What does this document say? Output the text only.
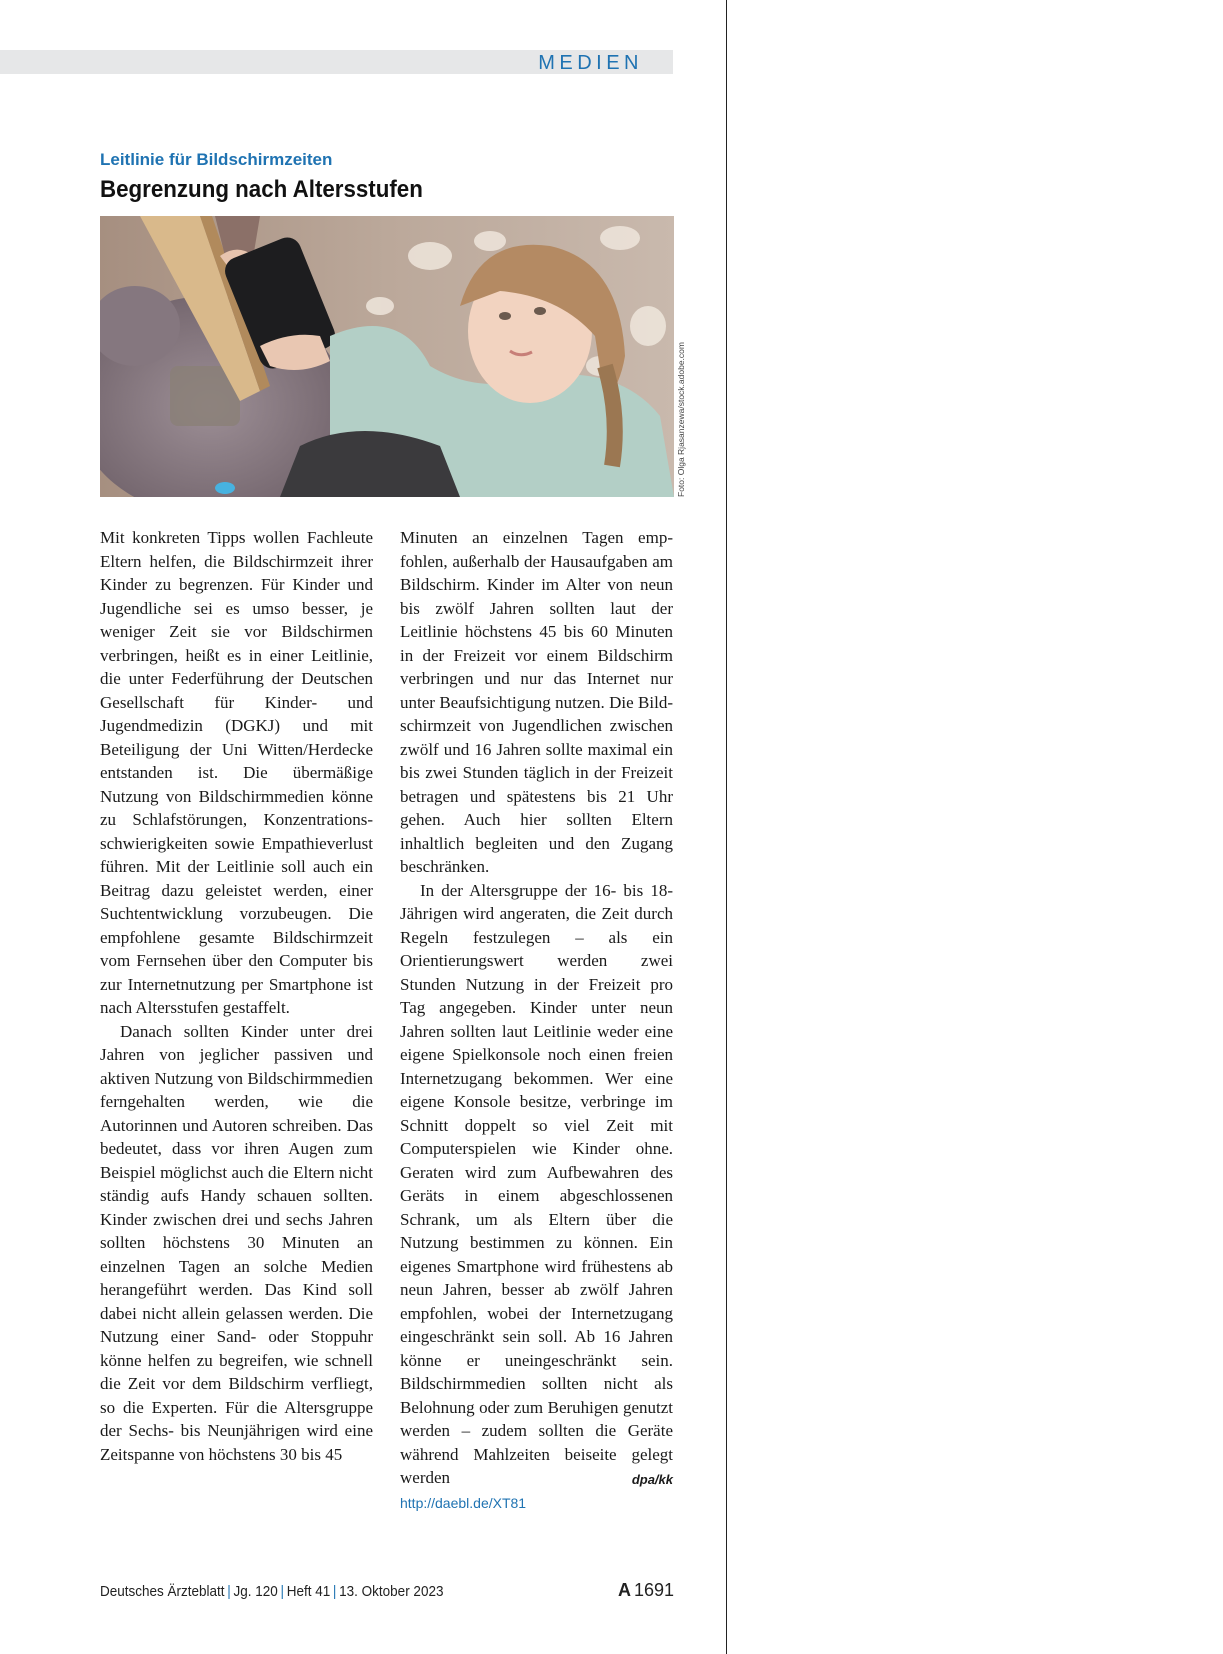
MEDIEN
Leitlinie für Bildschirmzeiten
Begrenzung nach Altersstufen
Foto: Olga Rjasanzewa/stock.adobe.com

Mit konkreten Tipps wollen Fachleute Eltern helfen, die Bildschirmzeit ihrer Kinder zu begrenzen. Für Kinder und Jugendliche sei es umso besser, je weniger Zeit sie vor Bildschirmen verbringen, heißt es in einer Leitlinie, die unter Federführung der Deutschen Gesellschaft für Kinder- und Jugendmedizin (DGKJ) und mit Beteiligung der Uni Witten/Herdecke entstanden ist. Die übermäßige Nutzung von Bildschirmmedien könne zu Schlafstörungen, Konzentrationsschwierigkeiten sowie Empathieverlust führen. Mit der Leitlinie soll auch ein Beitrag dazu geleistet werden, einer Suchtentwicklung vorzubeugen. Die empfohlene gesamte Bildschirmzeit vom Fernsehen über den Computer bis zur Internetnutzung per Smartphone ist nach Altersstufen gestaffelt.

Danach sollten Kinder unter drei Jahren von jeglicher passiven und aktiven Nutzung von Bildschirmmedien ferngehalten werden, wie die Autorinnen und Autoren schreiben. Das bedeutet, dass vor ihren Augen zum Beispiel möglichst auch die Eltern nicht ständig aufs Handy schauen sollten. Kinder zwischen drei und sechs Jahren sollten höchstens 30 Minuten an einzelnen Tagen an solche Medien herangeführt werden. Das Kind soll dabei nicht allein gelassen werden. Die Nutzung einer Sand- oder Stoppuhr könne helfen zu begreifen, wie schnell die Zeit vor dem Bildschirm verfliegt, so die Experten. Für die Altersgruppe der Sechs- bis Neunjährigen wird eine Zeitspanne von höchstens 30 bis 45

Minuten an einzelnen Tagen empfohlen, außerhalb der Hausaufgaben am Bildschirm. Kinder im Alter von neun bis zwölf Jahren sollten laut der Leitlinie höchstens 45 bis 60 Minuten in der Freizeit vor einem Bildschirm verbringen und nur das Internet nur unter Beaufsichtigung nutzen. Die Bildschirmzeit von Jugendlichen zwischen zwölf und 16 Jahren sollte maximal ein bis zwei Stunden täglich in der Freizeit betragen und spätestens bis 21 Uhr gehen. Auch hier sollten Eltern inhaltlich begleiten und den Zugang beschränken.

In der Altersgruppe der 16- bis 18-Jährigen wird angeraten, die Zeit durch Regeln festzulegen – als ein Orientierungswert werden zwei Stunden Nutzung in der Freizeit pro Tag angegeben. Kinder unter neun Jahren sollten laut Leitlinie weder eine eigene Spielkonsole noch einen freien Internetzugang bekommen. Wer eine eigene Konsole besitze, verbringe im Schnitt doppelt so viel Zeit mit Computerspielen wie Kinder ohne. Geraten wird zum Aufbewahren des Geräts in einem abgeschlossenen Schrank, um als Eltern über die Nutzung bestimmen zu können. Ein eigenes Smartphone wird frühestens ab neun Jahren, besser ab zwölf Jahren empfohlen, wobei der Internetzugang eingeschränkt sein soll. Ab 16 Jahren könne er uneingeschränkt sein. Bildschirmmedien sollten nicht als Belohnung oder zum Beruhigen genutzt werden – zudem sollten die Geräte während Mahlzeiten beiseite gelegt werden	dpa/kk

http://daebl.de/XT81
Deutsches Ärzteblatt | Jg. 120 | Heft 41 | 13. Oktober 2023	A 1691
